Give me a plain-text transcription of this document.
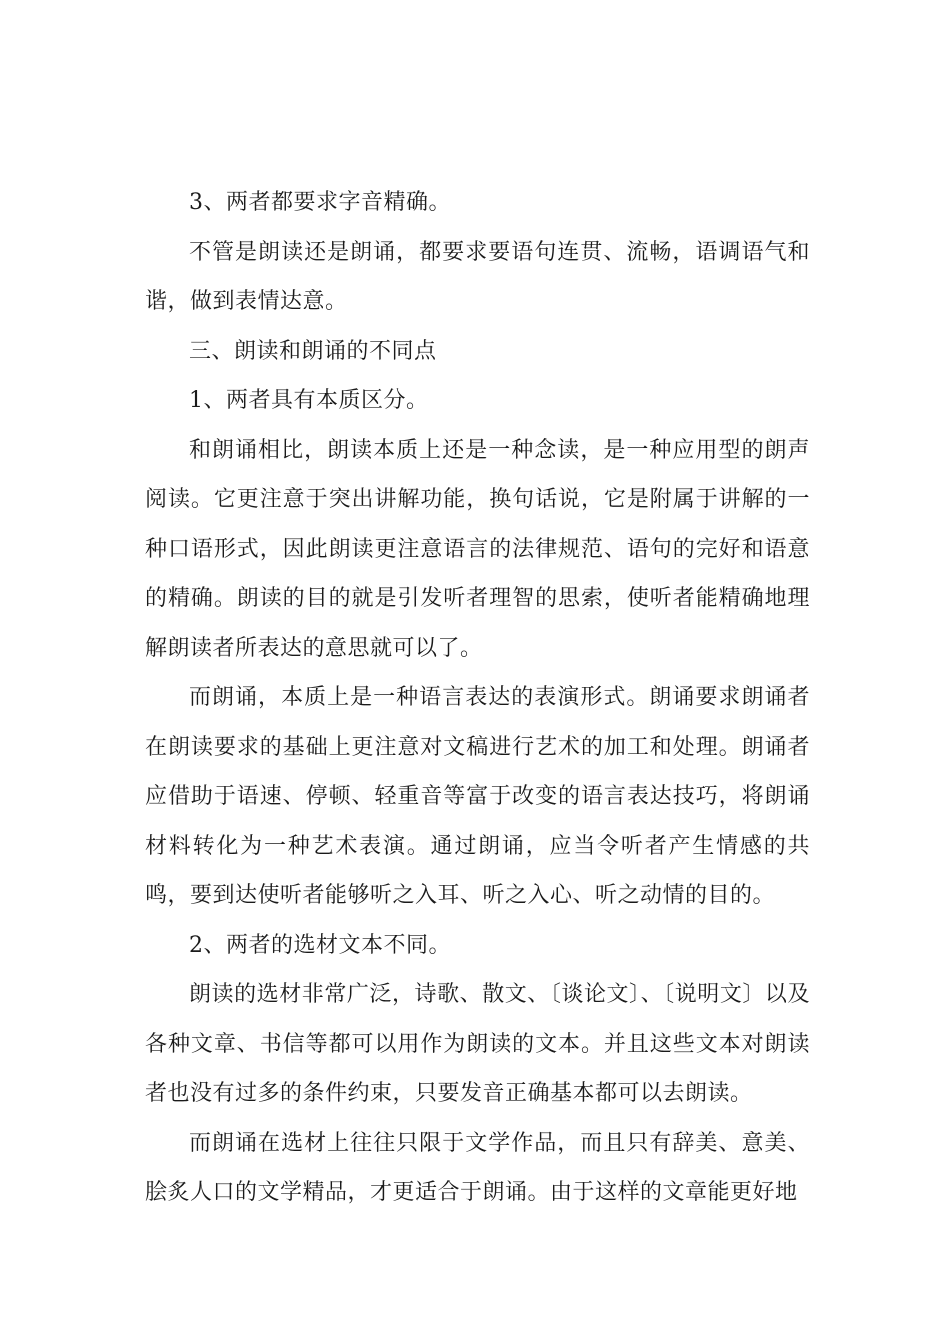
3、两者都要求字音精确。

不管是朗读还是朗诵，都要求要语句连贯、流畅，语调语气和谐，做到表情达意。

三、朗读和朗诵的不同点

1、两者具有本质区分。

和朗诵相比，朗读本质上还是一种念读，是一种应用型的朗声阅读。它更注意于突出讲解功能，换句话说，它是附属于讲解的一种口语形式，因此朗读更注意语言的法律规范、语句的完好和语意的精确。朗读的目的就是引发听者理智的思索，使听者能精确地理解朗读者所表达的意思就可以了。

而朗诵，本质上是一种语言表达的表演形式。朗诵要求朗诵者在朗读要求的基础上更注意对文稿进行艺术的加工和处理。朗诵者应借助于语速、停顿、轻重音等富于改变的语言表达技巧，将朗诵材料转化为一种艺术表演。通过朗诵，应当令听者产生情感的共鸣，要到达使听者能够听之入耳、听之入心、听之动情的目的。

2、两者的选材文本不同。

朗读的选材非常广泛，诗歌、散文、〔谈论文〕、〔说明文〕以及各种文章、书信等都可以用作为朗读的文本。并且这些文本对朗读者也没有过多的条件约束，只要发音正确基本都可以去朗读。

而朗诵在选材上往往只限于文学作品，而且只有辞美、意美、脍炙人口的文学精品，才更适合于朗诵。由于这样的文章能更好地
